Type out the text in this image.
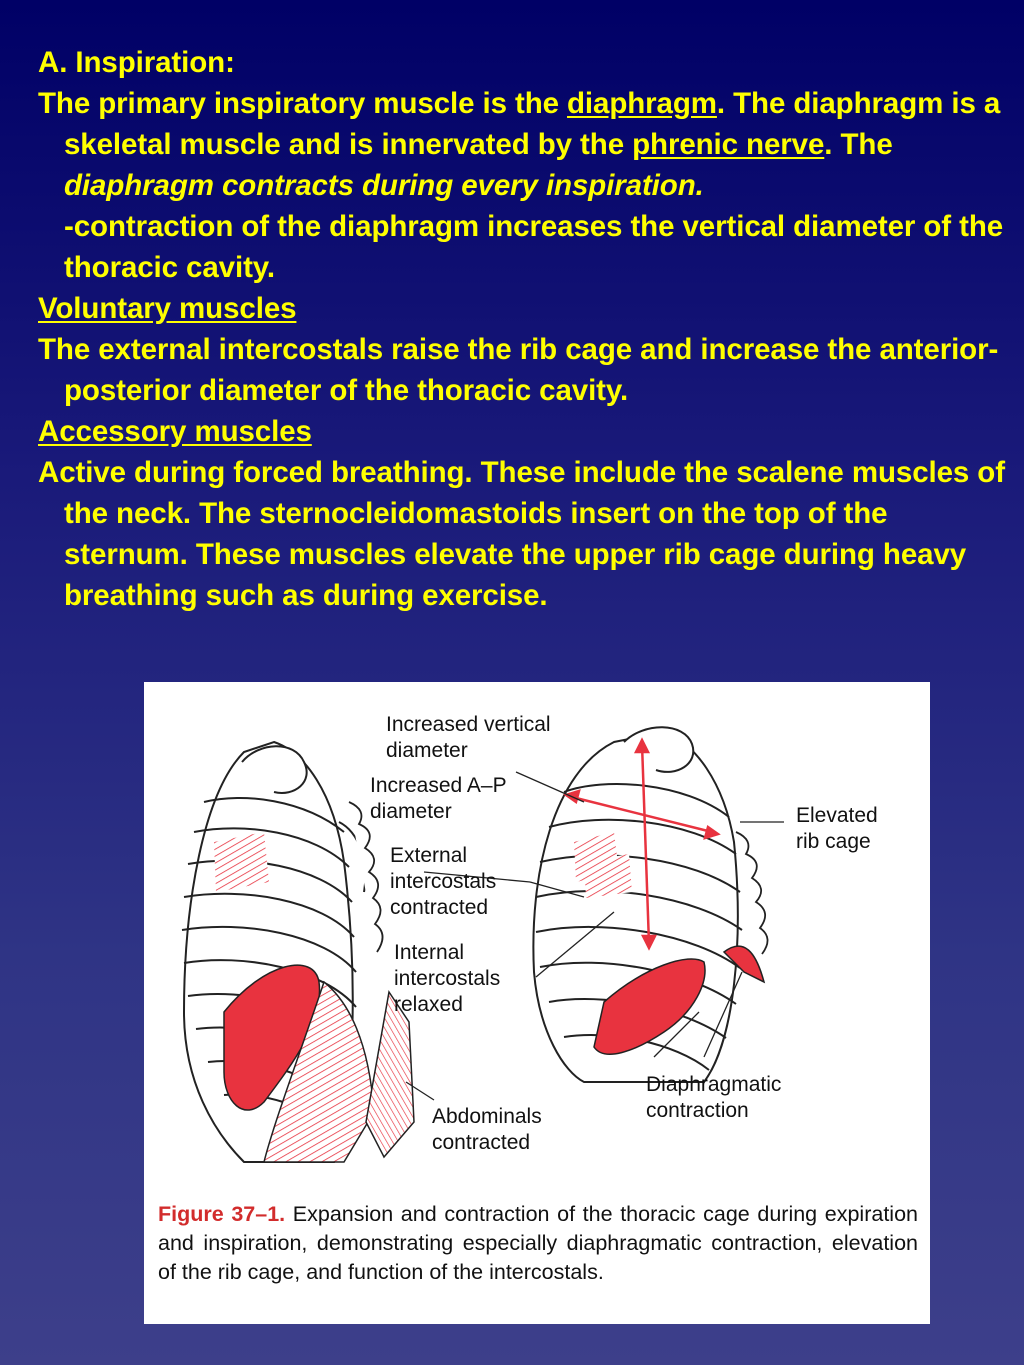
A. Inspiration:

The primary inspiratory muscle is the diaphragm. The diaphragm is a skeletal muscle and is innervated by the phrenic nerve. The diaphragm contracts during every inspiration.

-contraction of the diaphragm increases the vertical diameter of the thoracic cavity.

Voluntary muscles

The external intercostals raise the rib cage and increase the anterior-posterior diameter of the thoracic cavity.

Accessory muscles

Active during forced breathing. These include the scalene muscles of the neck. The sternocleidomastoids insert on the top of the sternum. These muscles elevate the upper rib cage during heavy breathing such as during exercise.

Increased vertical
diameter
Increased A–P
diameter
External
intercostals
contracted
Internal
intercostals
relaxed
Abdominals
contracted
Elevated
rib cage
Diaphragmatic
contraction
Figure 37–1. Expansion and contraction of the thoracic cage during expiration and inspiration, demonstrating especially diaphragmatic contraction, elevation of the rib cage, and function of the intercostals.
